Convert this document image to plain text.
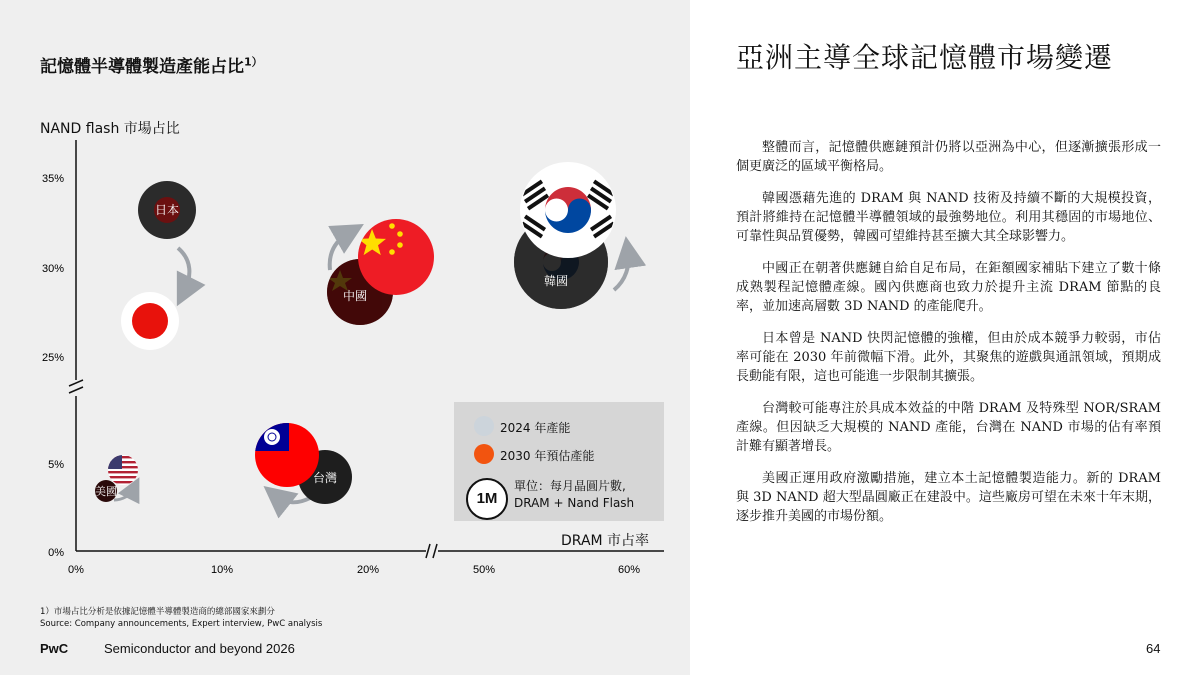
記憶體半導體製造產能占比$^{1)}$
NAND flash 市場占比
0%	10%	20%	50%	60%
0%
5%
25%
30%
35%
日本
韓國
中國
台灣
美國
DRAM 市占率
2024 年產能
2030 年預估產能
1M
單位：每月晶圓片數,
DRAM + Nand Flash
1）市場占比分析是依據記憶體半導體製造商的總部國家來劃分
Source: Company announcements, Expert interview, PwC analysis
PwC	Semiconductor and beyond 2026	64
亞洲主導全球記憶體市場變遷

整體而言，記憶體供應鏈預計仍將以亞洲為中心，但逐漸擴張形成一個更廣泛的區域平衡格局。

韓國憑藉先進的 DRAM 與 NAND 技術及持續不斷的大規模投資，預計將維持在記憶體半導體領域的最強勢地位。利用其穩固的市場地位、可靠性與品質優勢，韓國可望維持甚至擴大其全球影響力。

中國正在朝著供應鏈自給自足布局，在鉅額國家補貼下建立了數十條成熟製程記憶體產線。國內供應商也致力於提升主流 DRAM 節點的良率，並加速高層數 3D NAND 的產能爬升。

日本曾是 NAND 快閃記憶體的強權，但由於成本競爭力較弱，市佔率可能在 2030 年前微幅下滑。此外，其聚焦的遊戲與通訊領域，預期成長動能有限，這也可能進一步限制其擴張。

台灣較可能專注於具成本效益的中階 DRAM 及特殊型 NOR/SRAM 產線。但因缺乏大規模的 NAND 產能，台灣在 NAND 市場的佔有率預計難有顯著增長。

美國正運用政府激勵措施，建立本土記憶體製造能力。新的 DRAM 與 3D NAND 超大型晶圓廠正在建設中。這些廠房可望在未來十年末期，逐步推升美國的市場份額。
